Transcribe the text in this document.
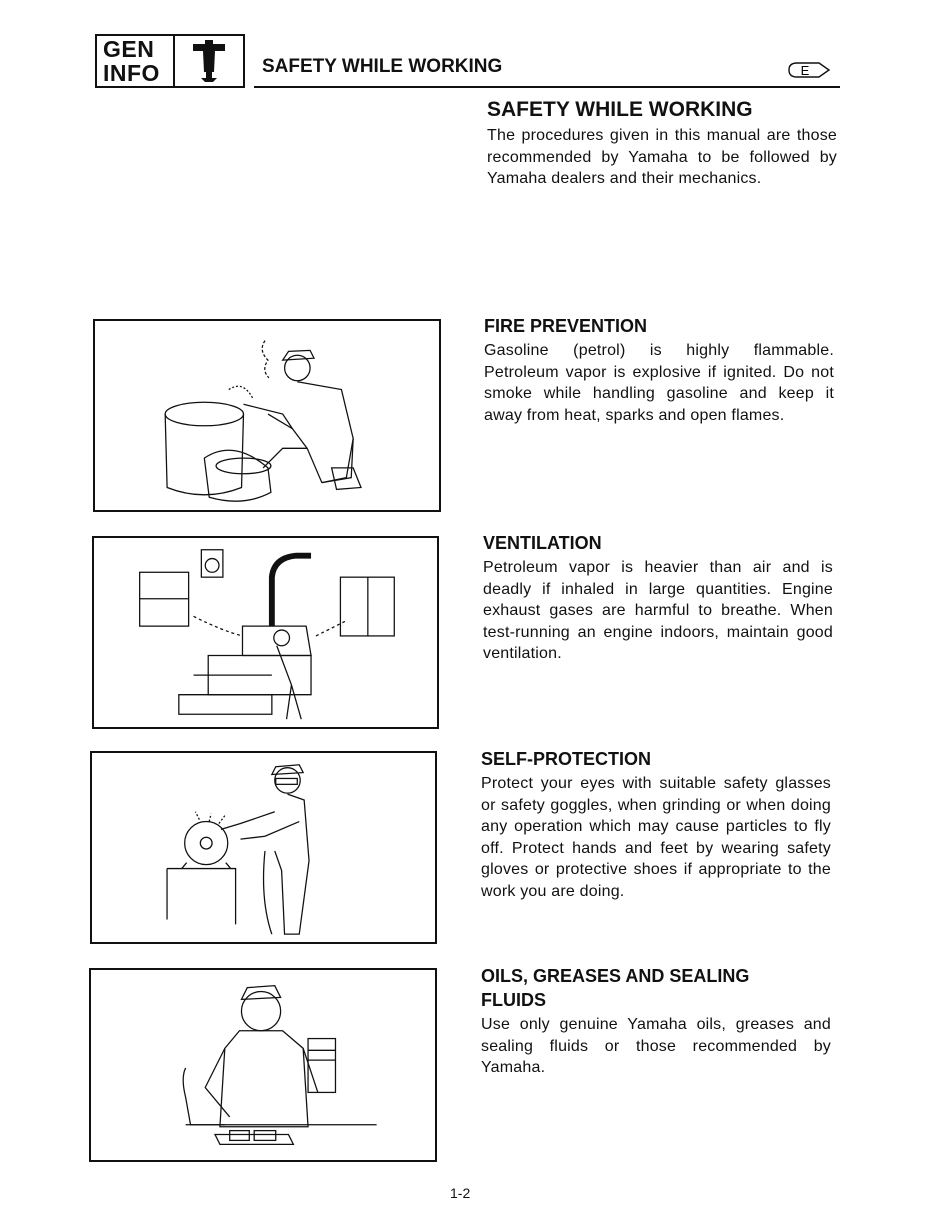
GEN
INFO	SAFETY WHILE WORKING	E
SAFETY WHILE WORKING

The procedures given in this manual are those recommended by Yamaha to be followed by Yamaha dealers and their mechanics.

FIRE PREVENTION

Gasoline (petrol) is highly flammable. Petroleum vapor is explosive if ignited. Do not smoke while handling gasoline and keep it away from heat, sparks and open flames.

VENTILATION

Petroleum vapor is heavier than air and is deadly if inhaled in large quantities. Engine exhaust gases are harmful to breathe. When test-running an engine indoors, maintain good ventilation.

SELF-PROTECTION

Protect your eyes with suitable safety glasses or safety goggles, when grinding or when doing any operation which may cause particles to fly off. Protect hands and feet by wearing safety gloves or protective shoes if appropriate to the work you are doing.

OILS, GREASES AND SEALING FLUIDS

Use only genuine Yamaha oils, greases and sealing fluids or those recommended by Yamaha.

1-2
